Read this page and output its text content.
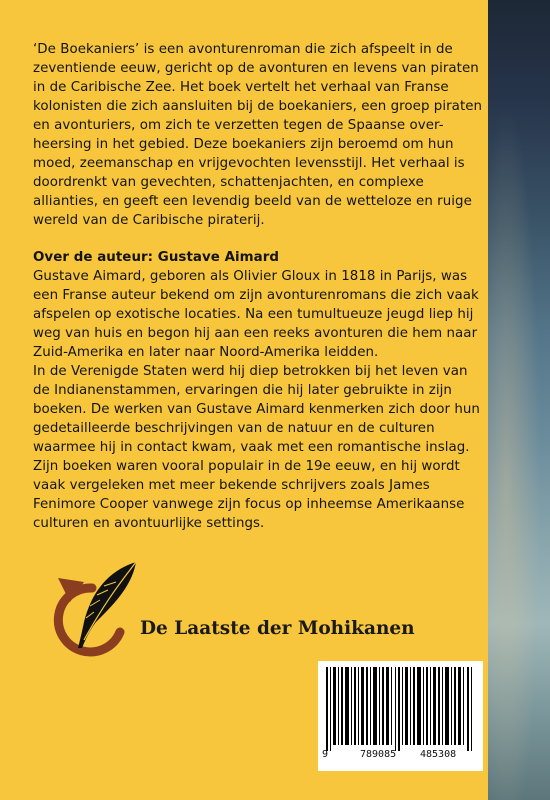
‘De Boekaniers’ is een avonturenroman die zich afspeelt in de zeventiende eeuw, gericht op de avonturen en levens van piraten in de Caribische Zee. Het boek vertelt het verhaal van Franse kolonisten die zich aansluiten bij de boekaniers, een groep piraten en avonturiers, om zich te verzetten tegen de Spaanse over-heersing in het gebied. Deze boekaniers zijn beroemd om hun moed, zeemanschap en vrijgevochten levensstijl. Het verhaal is doordrenkt van gevechten, schattenjachten, en complexe allianties, en geeft een levendig beeld van de wetteloze en ruige wereld van de Caribische piraterij.

Over de auteur: Gustave Aimard

Gustave Aimard, geboren als Olivier Gloux in 1818 in Parijs, was een Franse auteur bekend om zijn avonturenromans die zich vaak afspelen op exotische locaties. Na een tumultueuze jeugd liep hij weg van huis en begon hij aan een reeks avonturen die hem naar Zuid-Amerika en later naar Noord-Amerika leidden.

In de Verenigde Staten werd hij diep betrokken bij het leven van de Indianenstammen, ervaringen die hij later gebruikte in zijn boeken. De werken van Gustave Aimard kenmerken zich door hun gedetailleerde beschrijvingen van de natuur en de culturen waarmee hij in contact kwam, vaak met een romantische inslag. Zijn boeken waren vooral populair in de 19e eeuw, en hij wordt vaak vergeleken met meer bekende schrijvers zoals James Fenimore Cooper vanwege zijn focus op inheemse Amerikaanse culturen en avontuurlijke settings.

De Laatste der Mohikanen
9	789085 485308
